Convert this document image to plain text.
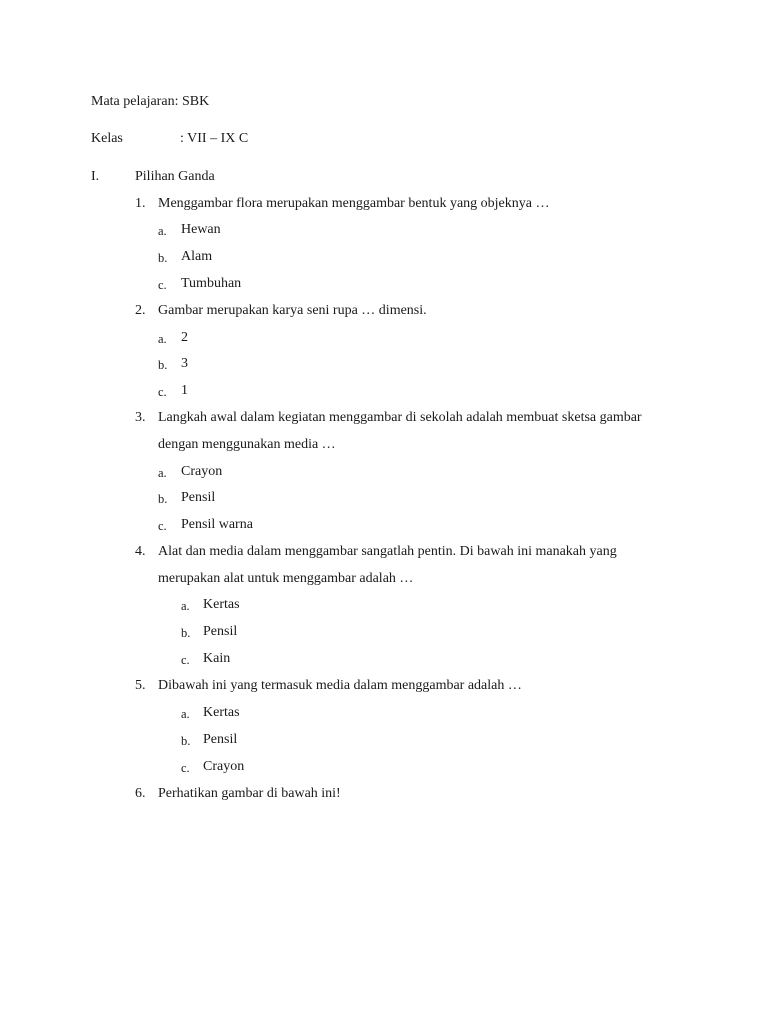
Mata pelajaran: SBK
Kelas	: VII – IX C
I.	Pilihan Ganda
1. Menggambar flora merupakan menggambar bentuk yang objeknya …
a. Hewan
b. Alam
c. Tumbuhan
2. Gambar merupakan karya seni rupa … dimensi.
a. 2
b. 3
c. 1
3. Langkah awal dalam kegiatan menggambar di sekolah adalah membuat sketsa gambar
dengan menggunakan media …
a. Crayon
b. Pensil
c. Pensil warna
4. Alat dan media dalam menggambar sangatlah pentin. Di bawah ini manakah yang
merupakan alat untuk menggambar adalah …
a. Kertas
b. Pensil
c. Kain
5. Dibawah ini yang termasuk media dalam menggambar adalah …
a. Kertas
b. Pensil
c. Crayon
6. Perhatikan gambar di bawah ini!
